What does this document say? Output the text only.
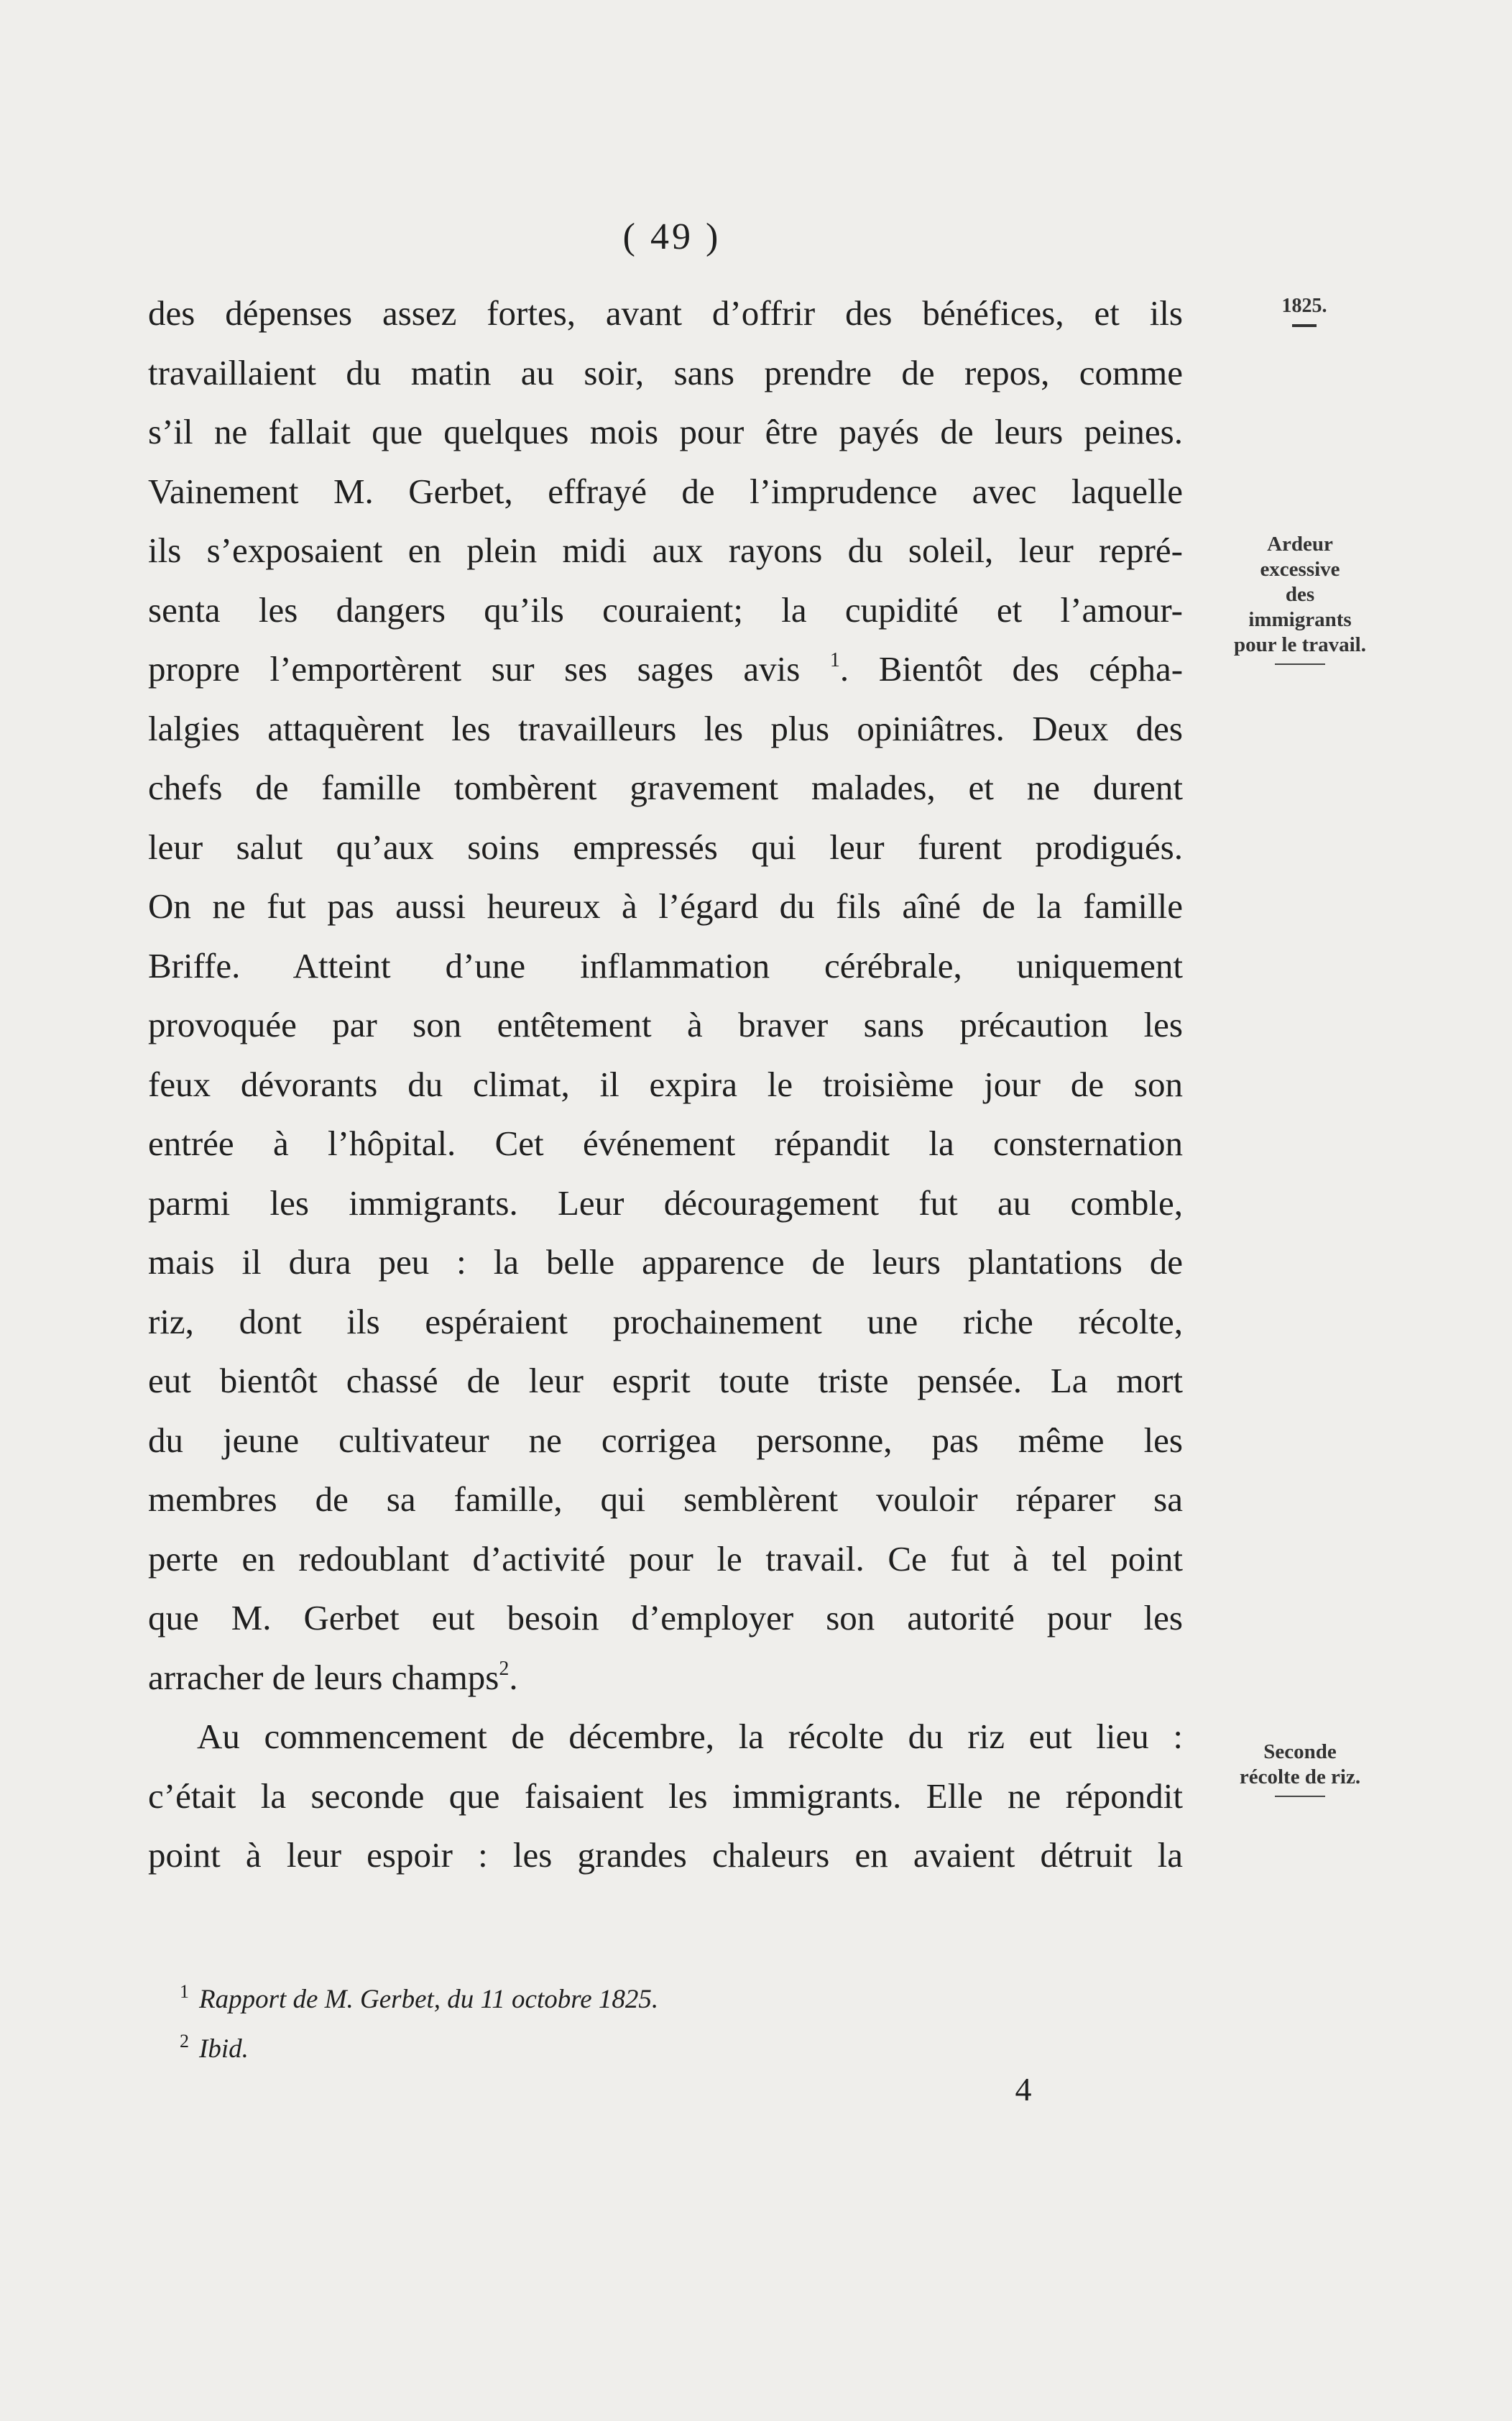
( 49 )
1825.
Ardeur
excessive
des
immigrants
pour le travail.
Seconde
récolte de riz.
des dépenses assez fortes, avant d’offrir des bénéfices, et ils
travaillaient du matin au soir, sans prendre de repos, comme
s’il ne fallait que quelques mois pour être payés de leurs peines.
Vainement M. Gerbet, effrayé de l’imprudence avec laquelle
ils s’exposaient en plein midi aux rayons du soleil, leur repré-
senta les dangers qu’ils couraient; la cupidité et l’amour-
propre l’emportèrent sur ses sages avis $^1$. Bientôt des cépha-
lalgies attaquèrent les travailleurs les plus opiniâtres. Deux des
chefs de famille tombèrent gravement malades, et ne durent
leur salut qu’aux soins empressés qui leur furent prodigués.
On ne fut pas aussi heureux à l’égard du fils aîné de la famille
Briffe. Atteint d’une inflammation cérébrale, uniquement
provoquée par son entêtement à braver sans précaution les
feux dévorants du climat, il expira le troisième jour de son
entrée à l’hôpital. Cet événement répandit la consternation
parmi les immigrants. Leur découragement fut au comble,
mais il dura peu : la belle apparence de leurs plantations de
riz, dont ils espéraient prochainement une riche récolte,
eut bientôt chassé de leur esprit toute triste pensée. La mort
du jeune cultivateur ne corrigea personne, pas même les
membres de sa famille, qui semblèrent vouloir réparer sa
perte en redoublant d’activité pour le travail. Ce fut à tel point
que M. Gerbet eut besoin d’employer son autorité pour les
arracher de leurs champs$^2$.
Au commencement de décembre, la récolte du riz eut lieu :
c’était la seconde que faisaient les immigrants. Elle ne répondit
point à leur espoir : les grandes chaleurs en avaient détruit la
$^1$ Rapport de M. Gerbet, du 11 octobre 1825.
$^2$ Ibid.
4
